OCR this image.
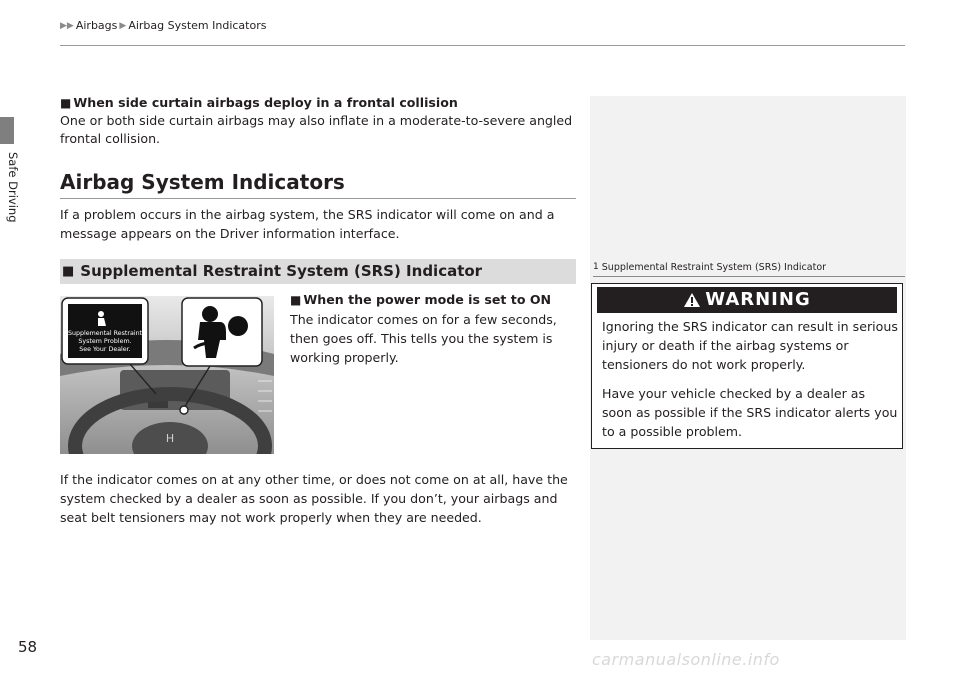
Safe Driving
▶▶ Airbags ▶ Airbag System Indicators
■ When side curtain airbags deploy in a frontal collision
One or both side curtain airbags may also inflate in a moderate-to-severe angled frontal collision.
Airbag System Indicators
If a problem occurs in the airbag system, the SRS indicator will come on and a message appears on the Driver information interface.
■ Supplemental Restraint System (SRS) Indicator
H
Supplemental Restraint
System Problem.
See Your Dealer.
■ When the power mode is set to ON
The indicator comes on for a few seconds, then goes off. This tells you the system is working properly.
If the indicator comes on at any other time, or does not come on at all, have the system checked by a dealer as soon as possible. If you don’t, your airbags and seat belt tensioners may not work properly when they are needed.
1 Supplemental Restraint System (SRS) Indicator
WARNING
Ignoring the SRS indicator can result in serious injury or death if the airbag systems or tensioners do not work properly.
Have your vehicle checked by a dealer as soon as possible if the SRS indicator alerts you to a possible problem.
58
carmanualsonline.info
